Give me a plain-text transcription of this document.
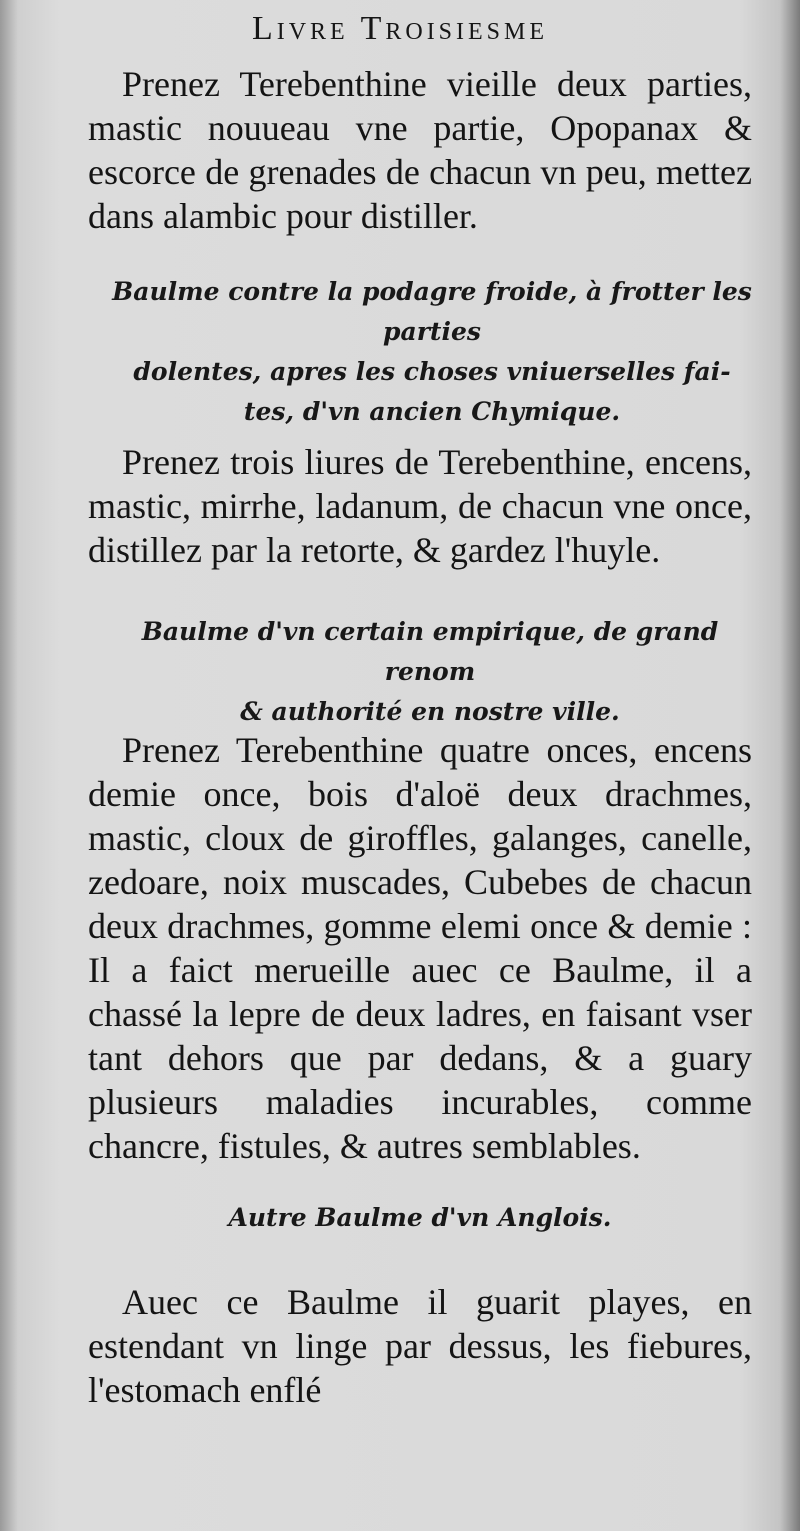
Livre Troisiesme
Prenez Terebenthine vieille deux parties, mastic nouueau vne partie, Opopanax & escorce de grenades de chacun vn peu, mettez dans alambic pour distiller.
Baulme contre la podagre froide, à frotter les parties
dolentes, apres les choses vniuerselles fai-
tes, d'vn ancien Chymique.
Prenez trois liures de Terebenthine, encens, mastic, mirrhe, ladanum, de chacun vne once, distillez par la retorte, & gardez l'huyle.
Baulme d'vn certain empirique, de grand renom
& authorité en nostre ville.
Prenez Terebenthine quatre onces, encens demie once, bois d'aloë deux drachmes, mastic, cloux de giroffles, galanges, canelle, zedoare, noix muscades, Cubebes de chacun deux drachmes, gomme elemi once & demie : Il a faict merueille auec ce Baulme, il a chassé la lepre de deux ladres, en faisant vser tant dehors que par dedans, & a guary plusieurs maladies incurables, comme chancre, fistules, & autres semblables.
Autre Baulme d'vn Anglois.
Auec ce Baulme il guarit playes, en estendant vn linge par dessus, les fiebures, l'estomach enflé
